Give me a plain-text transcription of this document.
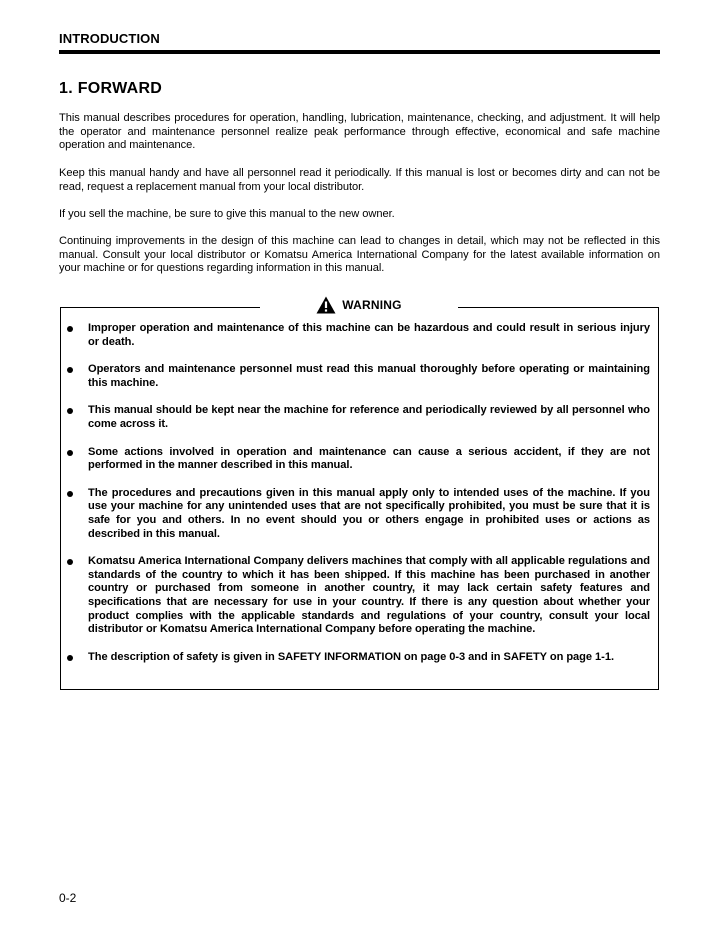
INTRODUCTION
1. FORWARD

This manual describes procedures for operation, handling, lubrication, maintenance, checking, and adjustment. It will help the operator and maintenance personnel realize peak performance through effective, economical and safe machine operation and maintenance.

Keep this manual handy and have all personnel read it periodically. If this manual is lost or becomes dirty and can not be read, request a replacement manual from your local distributor.

If you sell the machine, be sure to give this manual to the new owner.

Continuing improvements in the design of this machine can lead to changes in detail, which may not be reflected in this manual. Consult your local distributor or Komatsu America International Company for the latest available information on your machine or for questions regarding information in this manual.

WARNING
Improper operation and maintenance of this machine can be hazardous and could result in serious injury or death.
Operators and maintenance personnel must read this manual thoroughly before operating or maintaining this machine.
This manual should be kept near the machine for reference and periodically reviewed by all personnel who come across it.
Some actions involved in operation and maintenance can cause a serious accident, if they are not performed in the manner described in this manual.
The procedures and precautions given in this manual apply only to intended uses of the machine. If you use your machine for any unintended uses that are not specifically prohibited, you must be sure that it is safe for you and others. In no event should you or others engage in prohibited uses or actions as described in this manual.
Komatsu America International Company delivers machines that comply with all applicable regulations and standards of the country to which it has been shipped. If this machine has been purchased in another country or purchased from someone in another country, it may lack certain safety features and specifications that are necessary for use in your country. If there is any question about whether your product complies with the applicable standards and regulations of your country, consult your local distributor or Komatsu America International Company before operating the machine.
The description of safety is given in SAFETY INFORMATION on page 0-3 and in SAFETY on page 1-1.
0-2
